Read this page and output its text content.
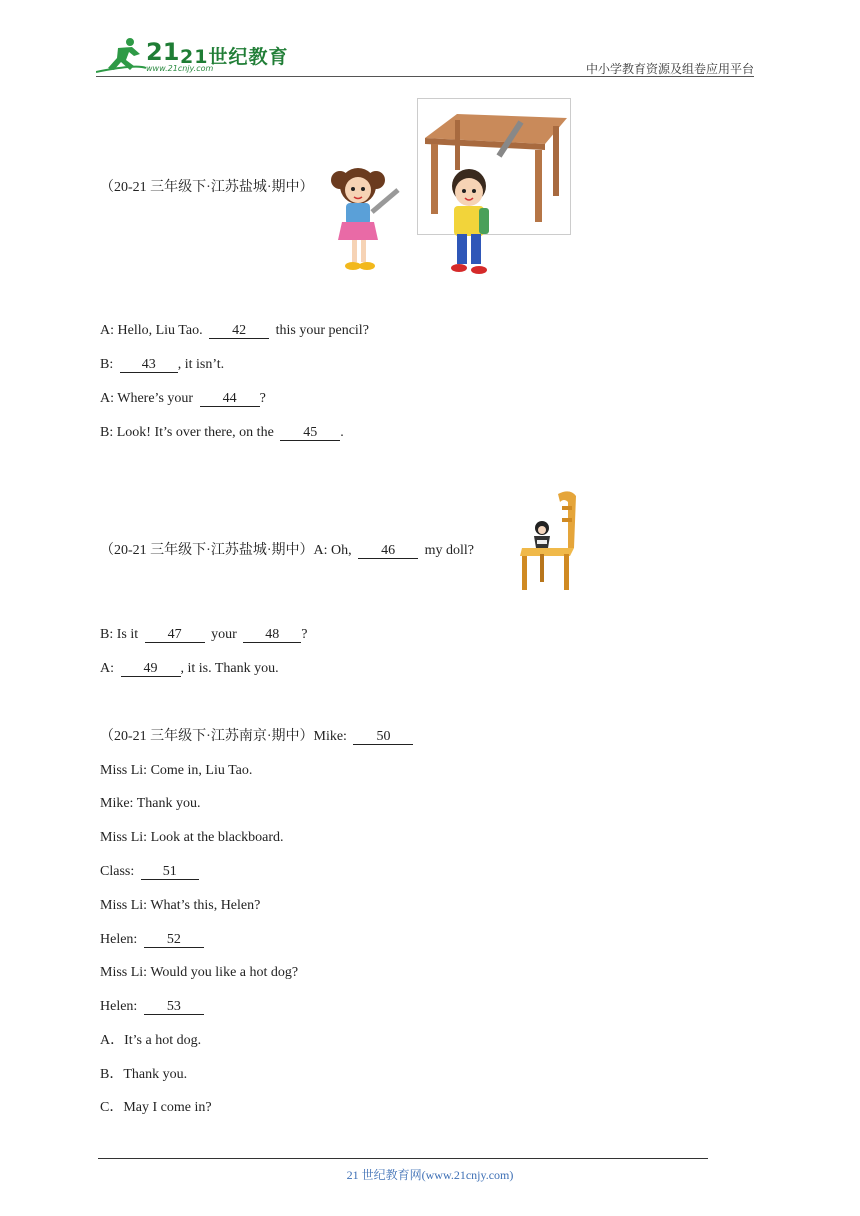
21 21世纪教育
www.21cnjy.com	中小学教育资源及组卷应用平台
（20-21 三年级下·江苏盐城·期中）
A: Hello, Liu Tao. 42 this your pencil?
B: 43 , it isn’t.
A: Where’s your 44 ?
B: Look! It’s over there, on the 45 .
（20-21 三年级下·江苏盐城·期中）A: Oh, 46 my doll?
B: Is it 47 your 48 ?
A: 49 , it is. Thank you.
（20-21 三年级下·江苏南京·期中）Mike: 50
Miss Li: Come in, Liu Tao.
Mike: Thank you.
Miss Li: Look at the blackboard.
Class: 51
Miss Li: What’s this, Helen?
Helen: 52
Miss Li: Would you like a hot dog?
Helen: 53
A．It’s a hot dog.
B．Thank you.
C．May I come in?
21 世纪教育网(www.21cnjy.com)
